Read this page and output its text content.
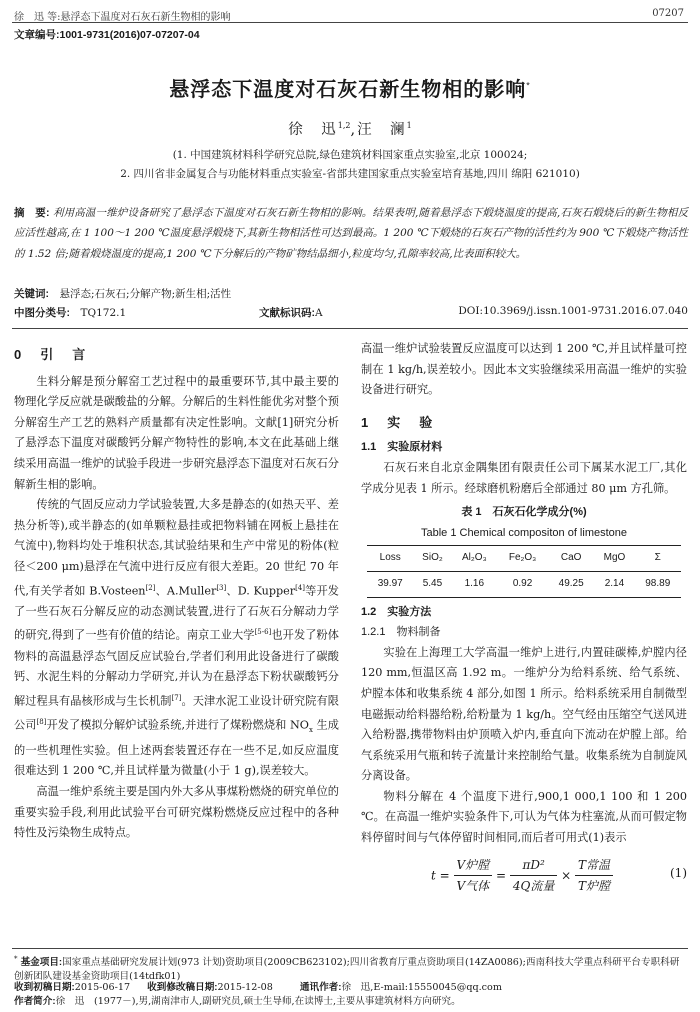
徐　迅 等:悬浮态下温度对石灰石新生物相的影响	07207
文章编号:1001-9731(2016)07-07207-04
悬浮态下温度对石灰石新生物相的影响*
徐　迅$^{1,2}$,汪　澜$^1$
(1. 中国建筑材料科学研究总院,绿色建筑材料国家重点实验室,北京 100024;
2. 四川省非金属复合与功能材料重点实验室-省部共建国家重点实验室培育基地,四川 绵阳 621010)
摘　要: 利用高温一维炉设备研究了悬浮态下温度对石灰石新生物相的影响。结果表明,随着悬浮态下煅烧温度的提高,石灰石煅烧后的新生物相反应活性越高,在 1 100～1 200 ℃温度悬浮煅烧下,其新生物相活性可达到最高。1 200 ℃下煅烧的石灰石产物的活性约为 900 ℃下煅烧产物活性的 1.52 倍;随着煅烧温度的提高,1 200 ℃下分解后的产物矿物结晶细小,粒度均匀,孔隙率较高,比表面积较大。
关键词:　 悬浮态;石灰石;分解产物;新生相;活性
中图分类号:　 TQ172.1	文献标识码:A	DOI:10.3969/j.issn.1001-9731.2016.07.040
0　引　言

生料分解是预分解窑工艺过程中的最重要环节,其中最主要的物理化学反应就是碳酸盐的分解。分解后的生料性能优劣对整个预分解窑生产工艺的熟料产质量都有决定性影响。文献[1]研究分析了悬浮态下温度对碳酸钙分解产物特性的影响,本文在此基础上继续采用高温一维炉的试验手段进一步研究悬浮态下温度对石灰石分解新生相的影响。

传统的气固反应动力学试验装置,大多是静态的(如热天平、差热分析等),或半静态的(如单颗粒悬挂或把物料铺在网板上悬挂在气流中),物料均处于堆积状态,其试验结果和生产中常见的粉体(粒径＜200 μm)悬浮在气流中进行反应有很大差距。20 世纪 70 年代,有关学者如 B.Vosteen[2]、A.Muller[3]、D. Kupper[4]等开发了一些石灰石分解反应的动态测试装置,进行了石灰石分解动力学的研究,得到了一些有价值的结论。南京工业大学[5-6]也开发了粉体物料的高温悬浮态气固反应试验台,学者们利用此设备进行了碳酸钙、水泥生料的分解动力学研究,并认为在悬浮态下粉状碳酸钙分解过程具有晶核形成与生长机制[7]。天津水泥工业设计研究院有限公司[8]开发了模拟分解炉试验系统,并进行了煤粉燃烧和 $NO_x$ 生成的一些机理性实验。但上述两套装置还存在一些不足,如反应温度很难达到 1 200 ℃,并且试样量为微量(小于 1 g),误差较大。

高温一维炉系统主要是国内外大多从事煤粉燃烧的研究单位的重要实验手段,利用此试验平台可研究煤粉燃烧反应过程中的各种特性及污染物生成特点。

高温一维炉试验装置反应温度可以达到 1 200 ℃,并且试样量可控制在 1 kg/h,误差较小。因此本文实验继续采用高温一维炉的实验设备进行研究。

1　实　验
1.1　实验原材料

石灰石来自北京金隅集团有限责任公司下属某水泥工厂,其化学成分见表 1 所示。经球磨机粉磨后全部通过 80 μm 方孔筛。

表 1　石灰石化学成分(%)
Table 1 Chemical compositon of limestone
Loss	SiO₂	Al₂O₃	Fe₂O₃	CaO	MgO	Σ
39.97	5.45	1.16	0.92	49.25	2.14	98.89
1.2　实验方法
1.2.1　物料制备

实验在上海理工大学高温一维炉上进行,内置硅碳棒,炉膛内径 120 mm,恒温区高 1.92 m。一维炉分为给料系统、给气系统、炉膛本体和收集系统 4 部分,如图 1 所示。给料系统采用自制微型电磁振动给料器给粉,给粉量为 1 kg/h。空气经由压缩空气送风进入给粉器,携带物料由炉顶喷入炉内,垂直向下流动在炉膛上部。给气系统采用气瓶和转子流量计来控制给气量。收集系统为自制旋风分离设备。

物料分解在 4 个温度下进行,900,1 000,1 100 和 1 200 ℃。在高温一维炉实验条件下,可认为气体为柱塞流,从而可假定物料停留时间与气体停留时间相同,而后者可用式(1)表示

$t = \frac{\text{V炉膛}}{\text{V气体}} = \frac{\text{πD²}}{\text{4Q流量}} \times \frac{\text{T常温}}{\text{T炉膛}}$	(1)
* 基金项目:国家重点基础研究发展计划(973 计划)资助项目(2009CB623102);四川省教育厅重点资助项目(14ZA0086);西南科技大学重点科研平台专职科研创新团队建设基金资助项目(14tdfk01)
收到初稿日期:2015-06-17 收到修改稿日期:2015-12-08	通讯作者:徐　迅,E-mail:15550045@qq.com
作者简介:徐　迅　(1977－),男,湖南津市人,副研究员,硕士生导师,在读博士,主要从事建筑材料方向研究。
